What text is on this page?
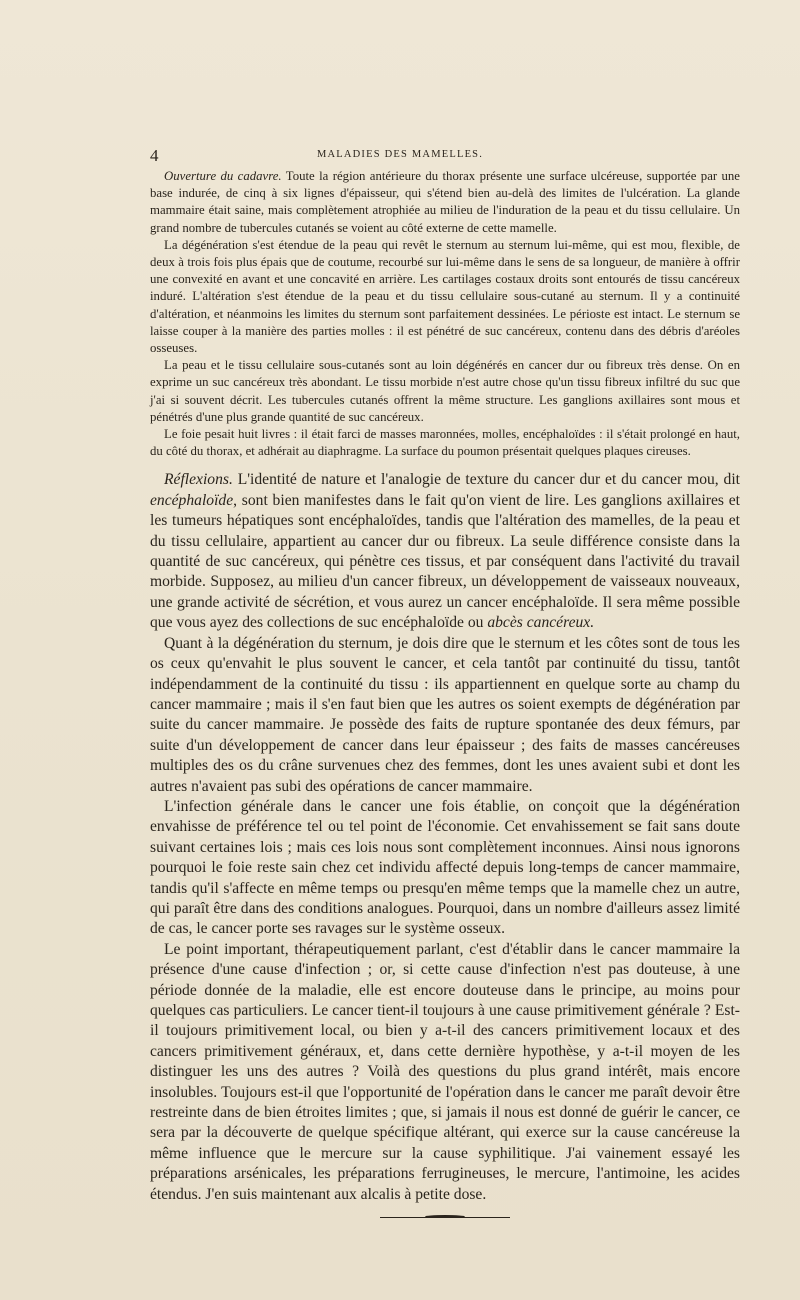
4	MALADIES DES MAMELLES.

Ouverture du cadavre. Toute la région antérieure du thorax présente une surface ulcéreuse, supportée par une base indurée, de cinq à six lignes d'épaisseur, qui s'étend bien au-delà des limites de l'ulcération. La glande mammaire était saine, mais complètement atrophiée au milieu de l'induration de la peau et du tissu cellulaire. Un grand nombre de tubercules cutanés se voient au côté externe de cette mamelle.

La dégénération s'est étendue de la peau qui revêt le sternum au sternum lui-même, qui est mou, flexible, de deux à trois fois plus épais que de coutume, recourbé sur lui-même dans le sens de sa longueur, de manière à offrir une convexité en avant et une concavité en arrière. Les cartilages costaux droits sont entourés de tissu cancéreux induré. L'altération s'est étendue de la peau et du tissu cellulaire sous-cutané au sternum. Il y a continuité d'altération, et néanmoins les limites du sternum sont parfaitement dessinées. Le périoste est intact. Le sternum se laisse couper à la manière des parties molles : il est pénétré de suc cancéreux, contenu dans des débris d'aréoles osseuses.

La peau et le tissu cellulaire sous-cutanés sont au loin dégénérés en cancer dur ou fibreux très dense. On en exprime un suc cancéreux très abondant. Le tissu morbide n'est autre chose qu'un tissu fibreux infiltré du suc que j'ai si souvent décrit. Les tubercules cutanés offrent la même structure. Les ganglions axillaires sont mous et pénétrés d'une plus grande quantité de suc cancéreux.

Le foie pesait huit livres : il était farci de masses maronnées, molles, encéphaloïdes : il s'était prolongé en haut, du côté du thorax, et adhérait au diaphragme. La surface du poumon présentait quelques plaques cireuses.

Réflexions. L'identité de nature et l'analogie de texture du cancer dur et du cancer mou, dit encéphaloïde, sont bien manifestes dans le fait qu'on vient de lire. Les ganglions axillaires et les tumeurs hépatiques sont encéphaloïdes, tandis que l'altération des mamelles, de la peau et du tissu cellulaire, appartient au cancer dur ou fibreux. La seule différence consiste dans la quantité de suc cancéreux, qui pénètre ces tissus, et par conséquent dans l'activité du travail morbide. Supposez, au milieu d'un cancer fibreux, un développement de vaisseaux nouveaux, une grande activité de sécrétion, et vous aurez un cancer encéphaloïde. Il sera même possible que vous ayez des collections de suc encéphaloïde ou abcès cancéreux.

Quant à la dégénération du sternum, je dois dire que le sternum et les côtes sont de tous les os ceux qu'envahit le plus souvent le cancer, et cela tantôt par continuité du tissu, tantôt indépendamment de la continuité du tissu : ils appartiennent en quelque sorte au champ du cancer mammaire ; mais il s'en faut bien que les autres os soient exempts de dégénération par suite du cancer mammaire. Je possède des faits de rupture spontanée des deux fémurs, par suite d'un développement de cancer dans leur épaisseur ; des faits de masses cancéreuses multiples des os du crâne survenues chez des femmes, dont les unes avaient subi et dont les autres n'avaient pas subi des opérations de cancer mammaire.

L'infection générale dans le cancer une fois établie, on conçoit que la dégénération envahisse de préférence tel ou tel point de l'économie. Cet envahissement se fait sans doute suivant certaines lois ; mais ces lois nous sont complètement inconnues. Ainsi nous ignorons pourquoi le foie reste sain chez cet individu affecté depuis long-temps de cancer mammaire, tandis qu'il s'affecte en même temps ou presqu'en même temps que la mamelle chez un autre, qui paraît être dans des conditions analogues. Pourquoi, dans un nombre d'ailleurs assez limité de cas, le cancer porte ses ravages sur le système osseux.

Le point important, thérapeutiquement parlant, c'est d'établir dans le cancer mammaire la présence d'une cause d'infection ; or, si cette cause d'infection n'est pas douteuse, à une période donnée de la maladie, elle est encore douteuse dans le principe, au moins pour quelques cas particuliers. Le cancer tient-il toujours à une cause primitivement générale ? Est-il toujours primitivement local, ou bien y a-t-il des cancers primitivement locaux et des cancers primitivement généraux, et, dans cette dernière hypothèse, y a-t-il moyen de les distinguer les uns des autres ? Voilà des questions du plus grand intérêt, mais encore insolubles. Toujours est-il que l'opportunité de l'opération dans le cancer me paraît devoir être restreinte dans de bien étroites limites ; que, si jamais il nous est donné de guérir le cancer, ce sera par la découverte de quelque spécifique altérant, qui exerce sur la cause cancéreuse la même influence que le mercure sur la cause syphilitique. J'ai vainement essayé les préparations arsénicales, les préparations ferrugineuses, le mercure, l'antimoine, les acides étendus. J'en suis maintenant aux alcalis à petite dose.
